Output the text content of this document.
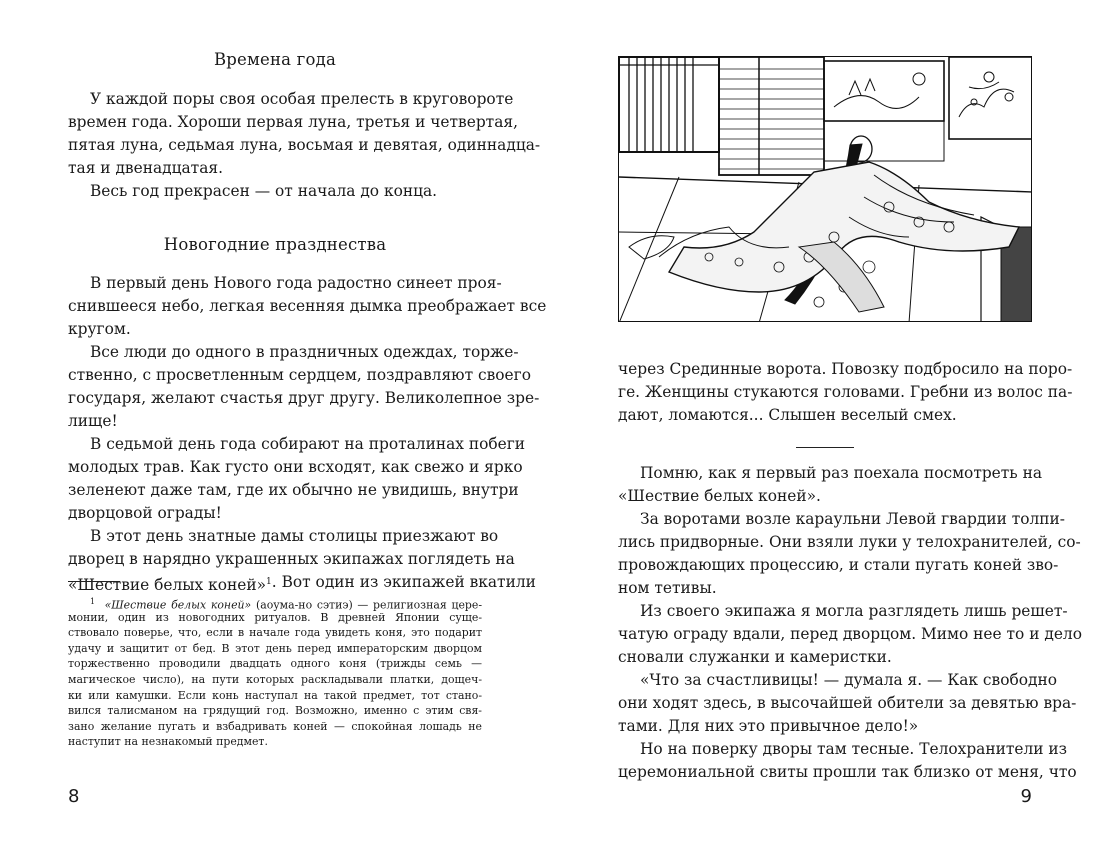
Времена года
У каждой поры своя особая прелесть в круговороте
времен года. Хороши первая луна, третья и четвертая,
пятая луна, седьмая луна, восьмая и девятая, одиннадца-
тая и двенадцатая.
Весь год прекрасен — от начала до конца.
Новогодние празднества
В первый день Нового года радостно синеет проя-
снившееся небо, легкая весенняя дымка преображает все
кругом.
Все люди до одного в праздничных одеждах, торже-
ственно, с просветленным сердцем, поздравляют своего
государя, желают счастья друг другу. Великолепное зре-
лище!
В седьмой день года собирают на проталинах побеги
молодых трав. Как густо они всходят, как свежо и ярко
зеленеют даже там, где их обычно не увидишь, внутри
дворцовой ограды!
В этот день знатные дамы столицы приезжают во
дворец в нарядно украшенных экипажах поглядеть на
«Шествие белых коней»$^1$ . Вот один из экипажей вкатили
$^1$ «Шествие белых коней» (аоума-но сэтиэ) — религиозная цере-
монии, один из новогодних ритуалов. В древней Японии суще-
ствовало поверье, что, если в начале года увидеть коня, это подарит
удачу и защитит от бед. В этот день перед императорским дворцом
торжественно проводили двадцать одного коня (трижды семь —
магическое число), на пути которых раскладывали платки, дощеч-
ки или камушки. Если конь наступал на такой предмет, тот стано-
вился талисманом на грядущий год. Возможно, именно с этим свя-
зано желание пугать и взбадривать коней — спокойная лошадь не
наступит на незнакомый предмет.
8
через Срединные ворота. Повозку подбросило на поро-
ге. Женщины стукаются головами. Гребни из волос па-
дают, ломаются... Слышен веселый смех.
Помню, как я первый раз поехала посмотреть на
«Шествие белых коней».
За воротами возле караульни Левой гвардии толпи-
лись придворные. Они взяли луки у телохранителей, со-
провождающих процессию, и стали пугать коней зво-
ном тетивы.
Из своего экипажа я могла разглядеть лишь решет-
чатую ограду вдали, перед дворцом. Мимо нее то и дело
сновали служанки и камеристки.
«Что за счастливицы! — думала я. — Как свободно
они ходят здесь, в высочайшей обители за девятью вра-
тами. Для них это привычное дело!»
Но на поверку дворы там тесные. Телохранители из
церемониальной свиты прошли так близко от меня, что
9
